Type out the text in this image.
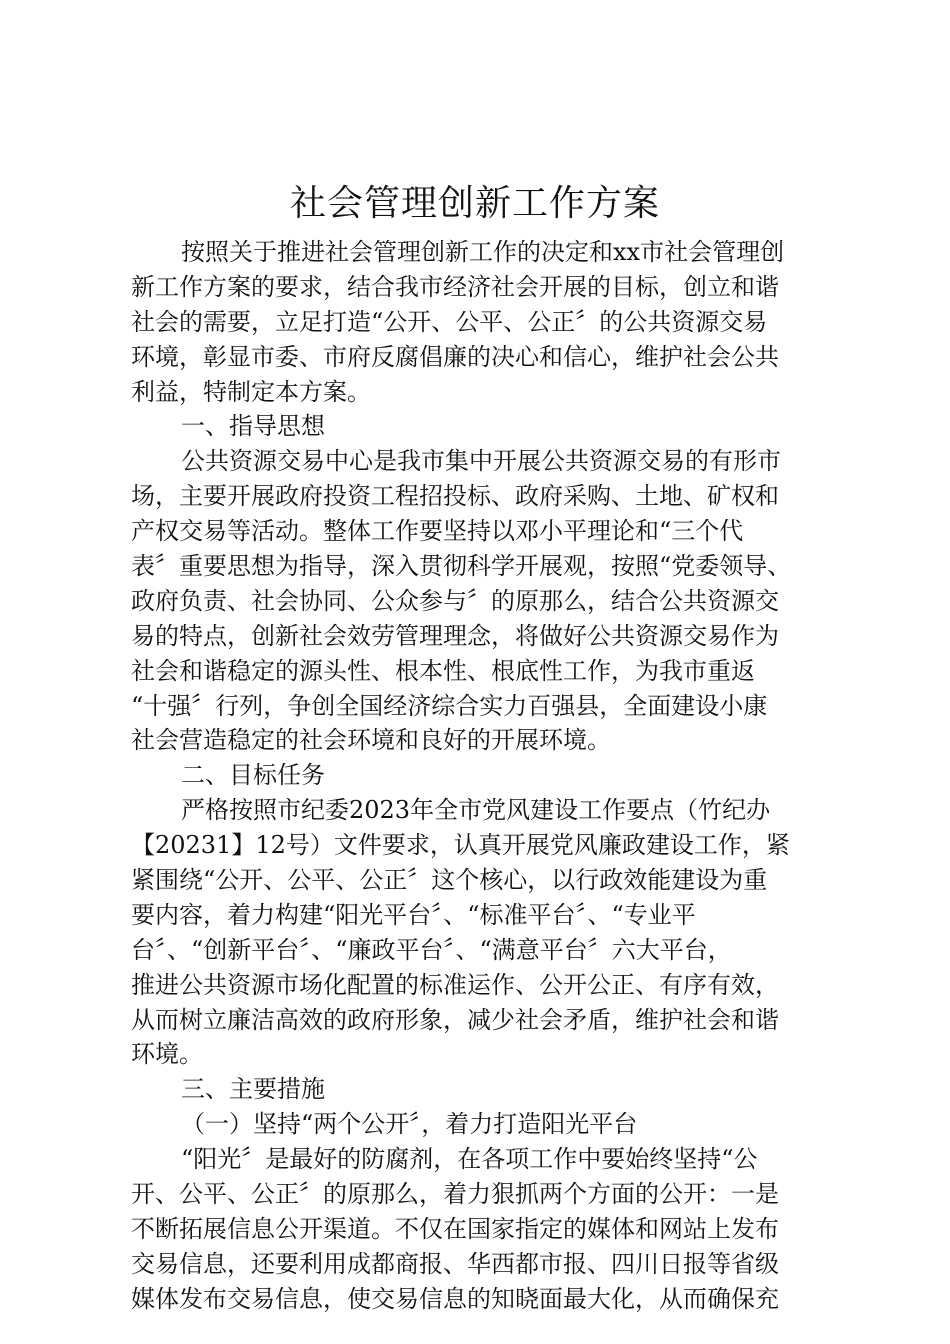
社会管理创新工作方案
按照关于推进社会管理创新工作的决定和xx市社会管理创
新工作方案的要求，结合我市经济社会开展的目标，创立和谐
社会的需要，立足打造“公开、公平、公正〞的公共资源交易
环境，彰显市委、市府反腐倡廉的决心和信心，维护社会公共
利益，特制定本方案。
一、指导思想
公共资源交易中心是我市集中开展公共资源交易的有形市
场，主要开展政府投资工程招投标、政府采购、土地、矿权和
产权交易等活动。整体工作要坚持以邓小平理论和“三个代
表〞重要思想为指导，深入贯彻科学开展观，按照“党委领导、
政府负责、社会协同、公众参与〞的原那么，结合公共资源交
易的特点，创新社会效劳管理理念，将做好公共资源交易作为
社会和谐稳定的源头性、根本性、根底性工作，为我市重返
“十强〞行列，争创全国经济综合实力百强县，全面建设小康
社会营造稳定的社会环境和良好的开展环境。
二、目标任务
严格按照市纪委2023年全市党风建设工作要点（竹纪办
【20231】12号）文件要求，认真开展党风廉政建设工作，紧
紧围绕“公开、公平、公正〞这个核心，以行政效能建设为重
要内容，着力构建“阳光平台〞、“标准平台〞、“专业平
台〞、“创新平台〞、“廉政平台〞、“满意平台〞六大平台，
推进公共资源市场化配置的标准运作、公开公正、有序有效，
从而树立廉洁高效的政府形象，减少社会矛盾，维护社会和谐
环境。
三、主要措施
（一）坚持“两个公开〞，着力打造阳光平台
“阳光〞是最好的防腐剂，在各项工作中要始终坚持“公
开、公平、公正〞的原那么，着力狠抓两个方面的公开：一是
不断拓展信息公开渠道。不仅在国家指定的媒体和网站上发布
交易信息，还要利用成都商报、华西都市报、四川日报等省级
媒体发布交易信息，使交易信息的知晓面最大化，从而确保充
